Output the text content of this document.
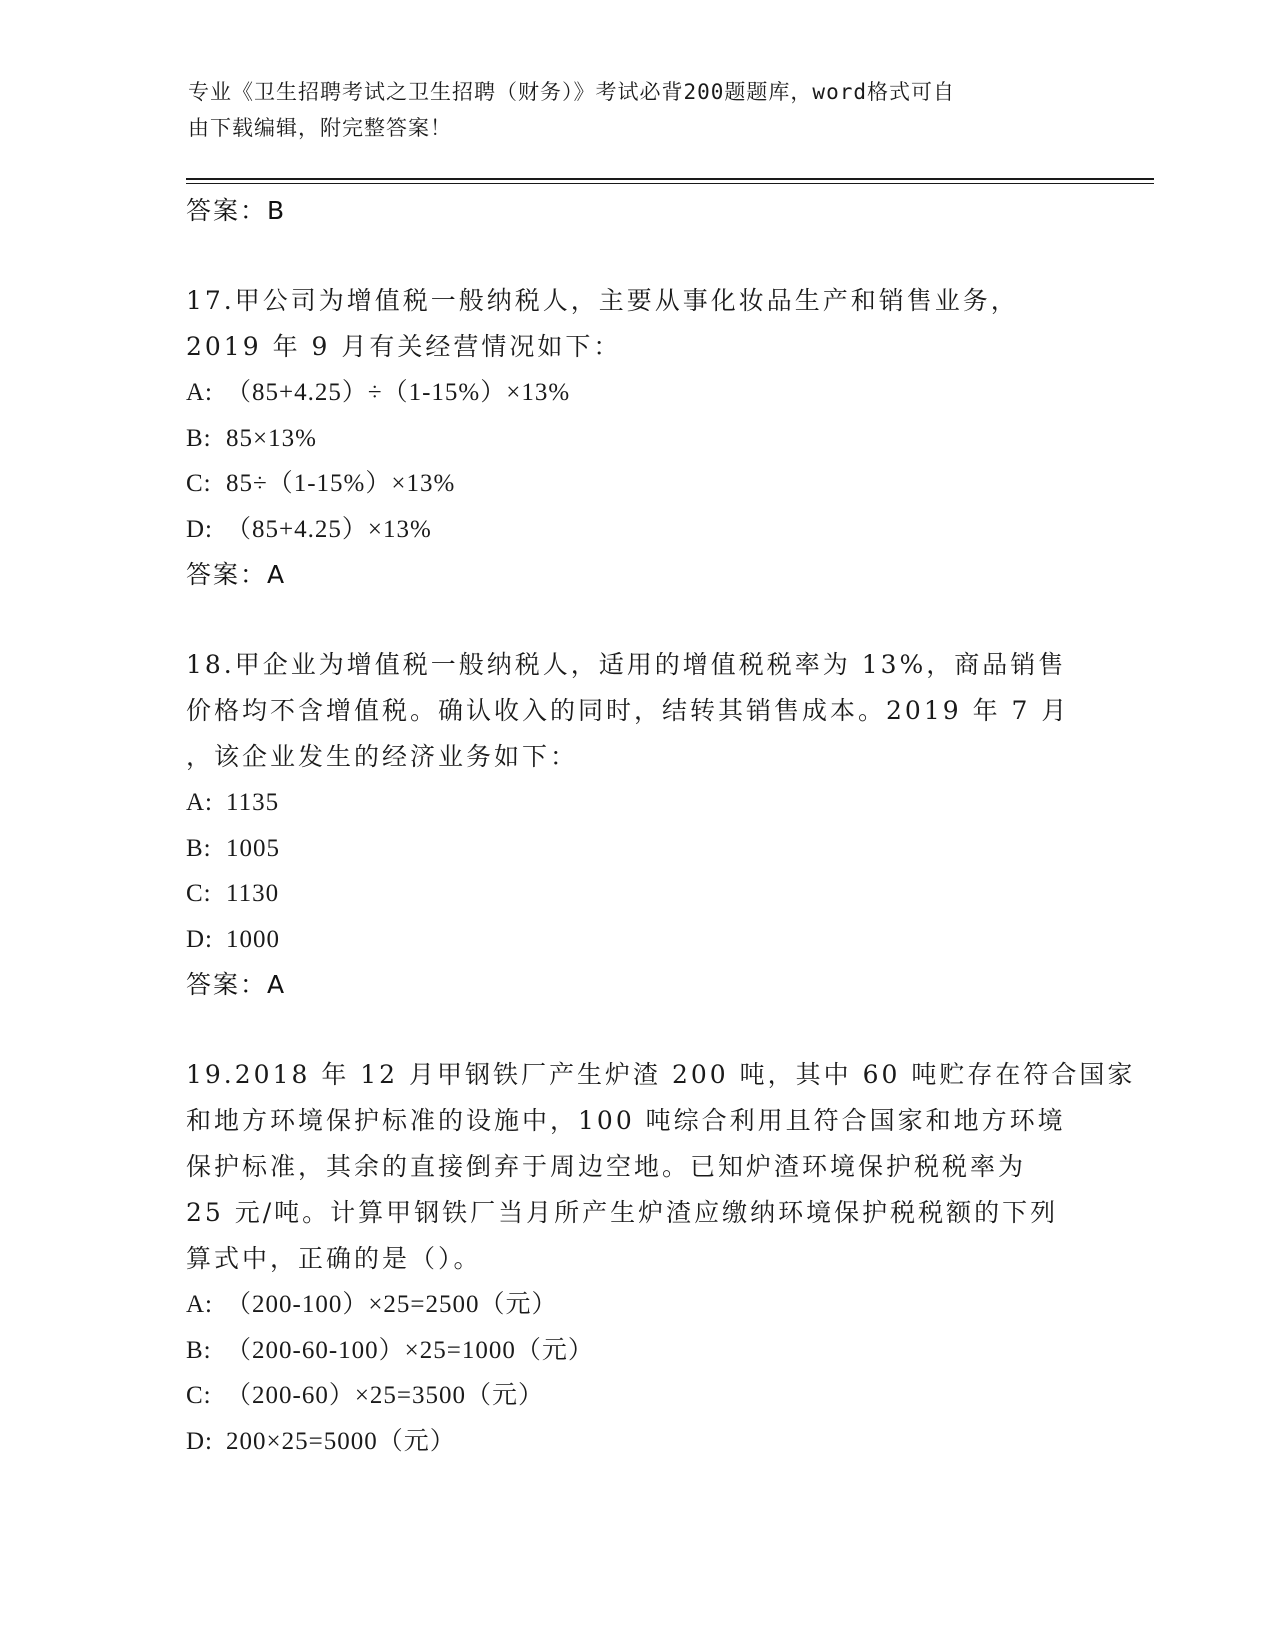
专业《卫生招聘考试之卫生招聘（财务）》考试必背200题题库，word格式可自
由下载编辑，附完整答案！
答案：B
17.甲公司为增值税一般纳税人，主要从事化妆品生产和销售业务，
2019 年 9 月有关经营情况如下：
A: （85+4.25）÷（1-15%）×13%
B: 85×13%
C: 85÷（1-15%）×13%
D: （85+4.25）×13%
答案：A
18.甲企业为增值税一般纳税人，适用的增值税税率为 13%，商品销售
价格均不含增值税。确认收入的同时，结转其销售成本。2019 年 7 月
，该企业发生的经济业务如下：
A: 1135
B: 1005
C: 1130
D: 1000
答案：A
19.2018 年 12 月甲钢铁厂产生炉渣 200 吨，其中 60 吨贮存在符合国家
和地方环境保护标准的设施中，100 吨综合利用且符合国家和地方环境
保护标准，其余的直接倒弃于周边空地。已知炉渣环境保护税税率为
25 元/吨。计算甲钢铁厂当月所产生炉渣应缴纳环境保护税税额的下列
算式中，正确的是（）。
A: （200-100）×25=2500（元）
B: （200-60-100）×25=1000（元）
C: （200-60）×25=3500（元）
D: 200×25=5000（元）
